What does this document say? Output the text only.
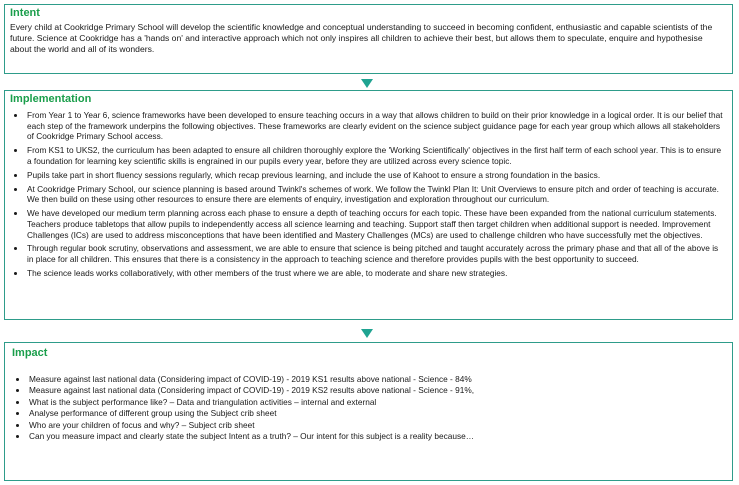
Intent
Every child at Cookridge Primary School will develop the scientific knowledge and conceptual understanding to succeed in becoming confident, enthusiastic and capable scientists of the future. Science at Cookridge has a 'hands on' and interactive approach which not only inspires all children to achieve their best, but allows them to speculate, enquire and hypothesise about the world and all of its wonders.
Implementation
From Year 1 to Year 6, science frameworks have been developed to ensure teaching occurs in a way that allows children to build on their prior knowledge in a logical order. It is our belief that each step of the framework underpins the following objectives. These frameworks are clearly evident on the science subject guidance page for each year group which allows all stakeholders of Cookridge Primary School access.
From KS1 to UKS2, the curriculum has been adapted to ensure all children thoroughly explore the 'Working Scientifically' objectives in the first half term of each school year. This is to ensure a foundation for learning key scientific skills is engrained in our pupils every year, before they are utilized across every science topic.
Pupils take part in short fluency sessions regularly, which recap previous learning, and include the use of Kahoot to ensure a strong foundation in the basics.
At Cookridge Primary School, our science planning is based around Twinkl's schemes of work. We follow the Twinkl Plan It: Unit Overviews to ensure pitch and order of teaching is accurate. We then build on these using other resources to ensure there are elements of enquiry, investigation and exploration throughout our curriculum.
We have developed our medium term planning across each phase to ensure a depth of teaching occurs for each topic. These have been expanded from the national curriculum statements. Teachers produce tabletops that allow pupils to independently access all science learning and teaching. Support staff then target children when additional support is needed. Improvement Challenges (ICs) are used to address misconceptions that have been identified and Mastery Challenges (MCs) are used to challenge children who have successfully met the objectives.
Through regular book scrutiny, observations and assessment, we are able to ensure that science is being pitched and taught accurately across the primary phase and that all of the above is in place for all children. This ensures that there is a consistency in the approach to teaching science and therefore provides pupils with the best opportunity to succeed.
The science leads works collaboratively, with other members of the trust where we are able, to moderate and share new strategies.
Impact
Measure against last national data (Considering impact of COVID-19) - 2019 KS1 results above national - Science - 84%
Measure against last national data (Considering impact of COVID-19) - 2019 KS2 results above national - Science - 91%,
What is the subject performance like? – Data and triangulation activities – internal and external
Analyse performance of different group using the Subject crib sheet
Who are your children of focus and why? – Subject crib sheet
Can you measure impact and clearly state the subject Intent as a truth? – Our intent for this subject is a reality because…
